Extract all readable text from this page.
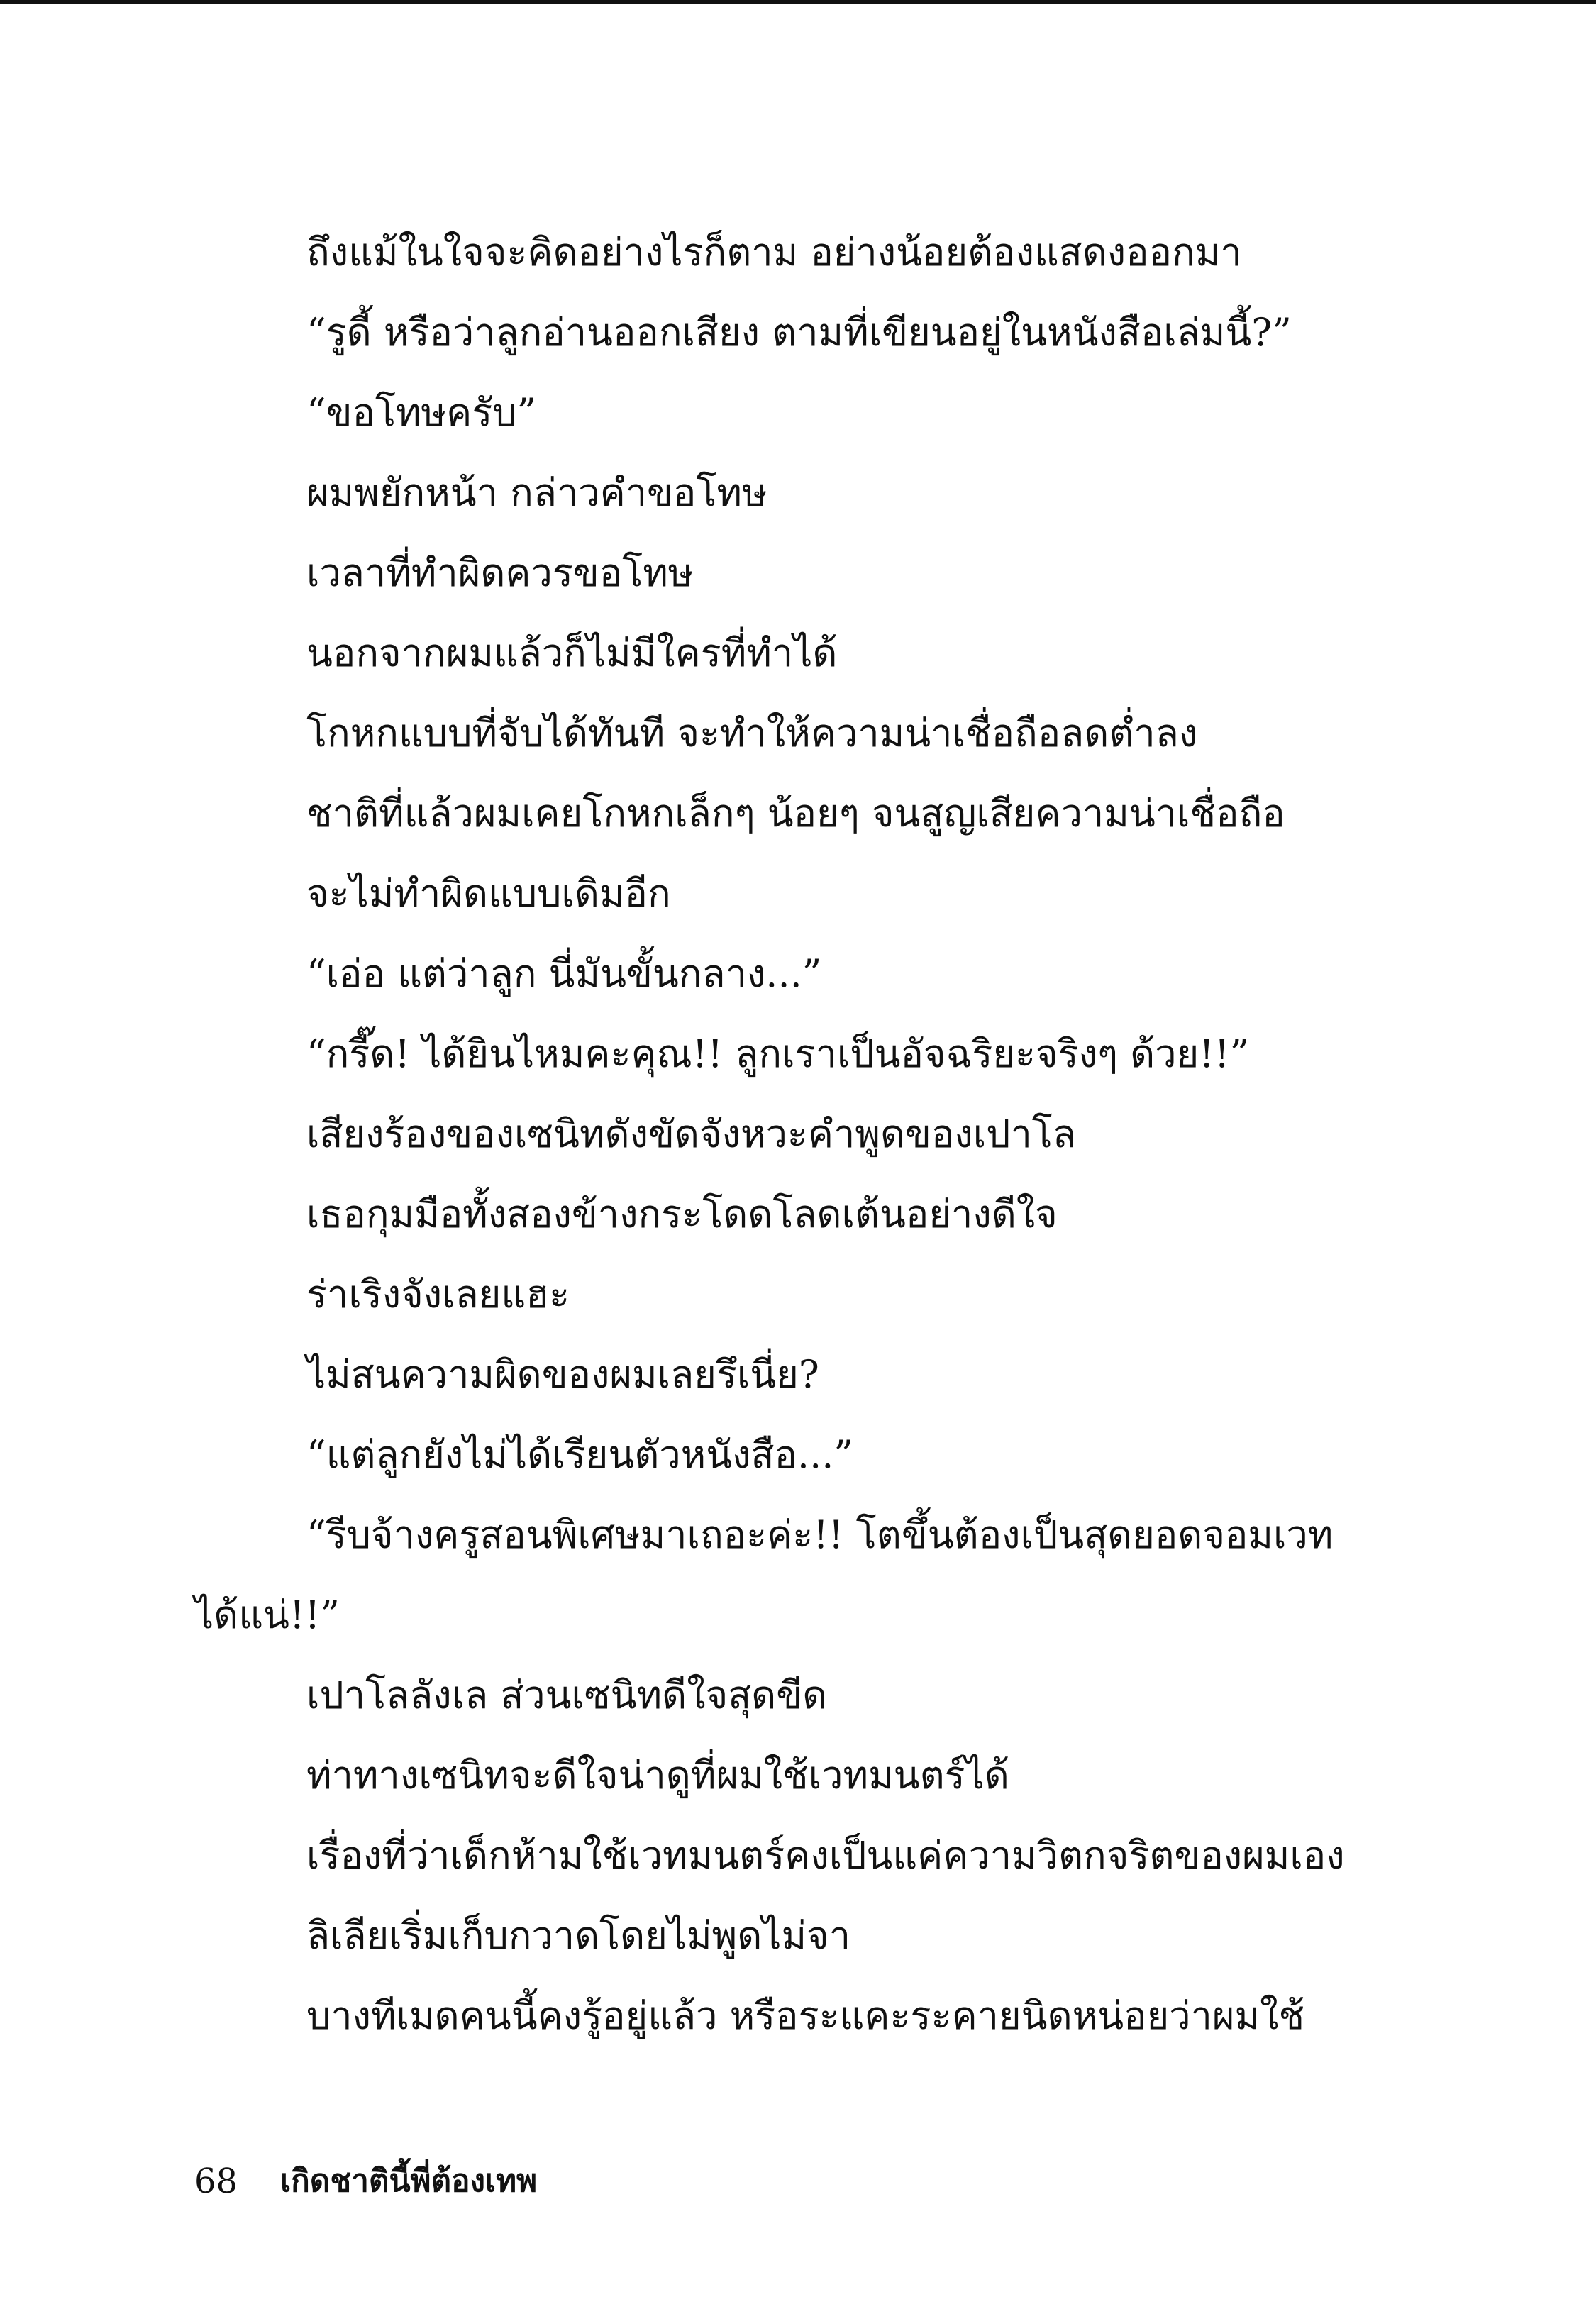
ถึงแม้ในใจจะคิดอย่างไรก็ตาม อย่างน้อยต้องแสดงออกมา

“รูดี้ หรือว่าลูกอ่านออกเสียง ตามที่เขียนอยู่ในหนังสือเล่มนี้?”

“ขอโทษครับ”

ผมพยักหน้า กล่าวคำขอโทษ

เวลาที่ทำผิดควรขอโทษ

นอกจากผมแล้วก็ไม่มีใครที่ทำได้

โกหกแบบที่จับได้ทันที จะทำให้ความน่าเชื่อถือลดต่ำลง

ชาติที่แล้วผมเคยโกหกเล็กๆ น้อยๆ จนสูญเสียความน่าเชื่อถือ

จะไม่ทำผิดแบบเดิมอีก

“เอ่อ แต่ว่าลูก นี่มันขั้นกลาง...”

“กรี๊ด! ได้ยินไหมคะคุณ!! ลูกเราเป็นอัจฉริยะจริงๆ ด้วย!!”

เสียงร้องของเซนิทดังขัดจังหวะคำพูดของเปาโล

เธอกุมมือทั้งสองข้างกระโดดโลดเต้นอย่างดีใจ

ร่าเริงจังเลยแฮะ

ไม่สนความผิดของผมเลยรึเนี่ย?

“แต่ลูกยังไม่ได้เรียนตัวหนังสือ...”

“รีบจ้างครูสอนพิเศษมาเถอะค่ะ!! โตขึ้นต้องเป็นสุดยอดจอมเวท

ได้แน่!!”

เปาโลลังเล ส่วนเซนิทดีใจสุดขีด

ท่าทางเซนิทจะดีใจน่าดูที่ผมใช้เวทมนตร์ได้

เรื่องที่ว่าเด็กห้ามใช้เวทมนตร์คงเป็นแค่ความวิตกจริตของผมเอง

ลิเลียเริ่มเก็บกวาดโดยไม่พูดไม่จา

บางทีเมดคนนี้คงรู้อยู่แล้ว หรือระแคะระคายนิดหน่อยว่าผมใช้

68 เกิดชาตินี้พี่ต้องเทพ
